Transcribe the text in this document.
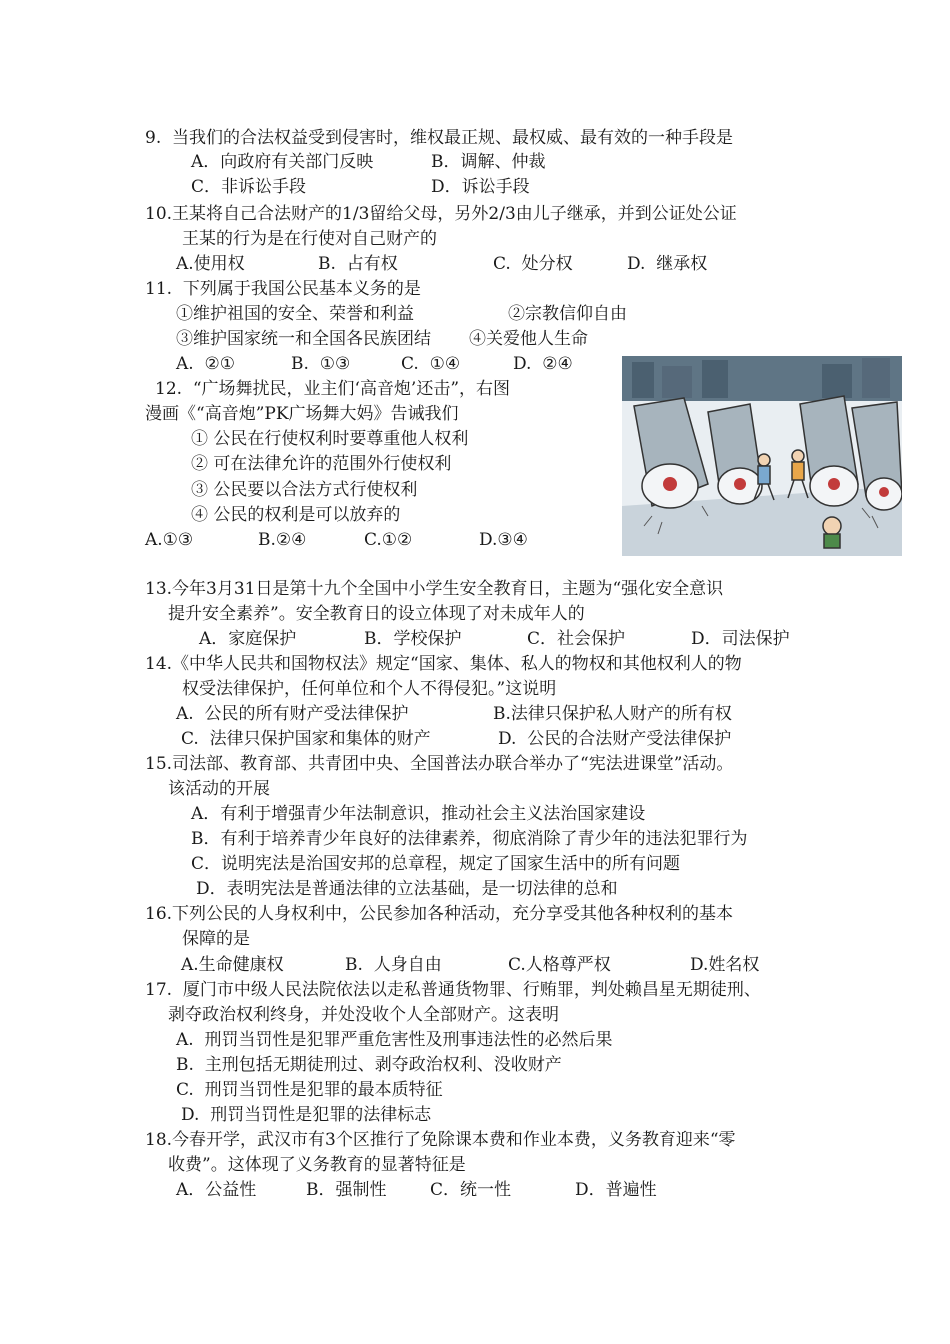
9.  当我们的合法权益受到侵害时，维权最正规、最权威、最有效的一种手段是
A．向政府有关部门反映	B．调解、仲裁
C．非诉讼手段	D．诉讼手段
10.王某将自己合法财产的1/3留给父母，另外2/3由儿子继承，并到公证处公证
王某的行为是在行使对自己财产的
A.使用权	B.  占有权	C.  处分权	D.  继承权
11.  下列属于我国公民基本义务的是
①维护祖国的安全、荣誉和利益	②宗教信仰自由
③维护国家统一和全国各民族团结 ④关爱他人生命
A.  ②①	B.  ①③	C.  ①④	D.  ②④
12.  “广场舞扰民，业主们‘高音炮’还击”，右图
漫画《“高音炮”PK广场舞大妈》告诫我们
① 公民在行使权利时要尊重他人权利
② 可在法律允许的范围外行使权利
③ 公民要以合法方式行使权利
④ 公民的权利是可以放弃的
A.①③	B.②④	C.①②	D.③④
13.今年3月31日是第十九个全国中小学生安全教育日，主题为“强化安全意识
提升安全素养”。安全教育日的设立体现了对未成年人的
A．家庭保护	B．学校保护	C．社会保护	D．司法保护
14.《中华人民共和国物权法》规定“国家、集体、私人的物权和其他权利人的物
权受法律保护，任何单位和个人不得侵犯。”这说明
A.  公民的所有财产受法律保护	B.法律只保护私人财产的所有权
C.  法律只保护国家和集体的财产	D.  公民的合法财产受法律保护
15.司法部、教育部、共青团中央、全国普法办联合举办了“宪法进课堂”活动。
该活动的开展
A．有利于增强青少年法制意识，推动社会主义法治国家建设
B．有利于培养青少年良好的法律素养，彻底消除了青少年的违法犯罪行为
C．说明宪法是治国安邦的总章程，规定了国家生活中的所有问题
D．表明宪法是普通法律的立法基础，是一切法律的总和
16.下列公民的人身权利中，公民参加各种活动，充分享受其他各种权利的基本
保障的是
A.生命健康权	B.  人身自由	C.人格尊严权	D.姓名权
17.  厦门市中级人民法院依法以走私普通货物罪、行贿罪，判处赖昌星无期徒刑、
剥夺政治权利终身，并处没收个人全部财产。这表明
A.  刑罚当罚性是犯罪严重危害性及刑事违法性的必然后果
B.  主刑包括无期徒刑过、剥夺政治权利、没收财产
C.  刑罚当罚性是犯罪的最本质特征
D.  刑罚当罚性是犯罪的法律标志
18.今春开学，武汉市有3个区推行了免除课本费和作业本费，义务教育迎来“零
收费”。这体现了义务教育的显著特征是
A．公益性	B．强制性	C．统一性	D．普遍性
